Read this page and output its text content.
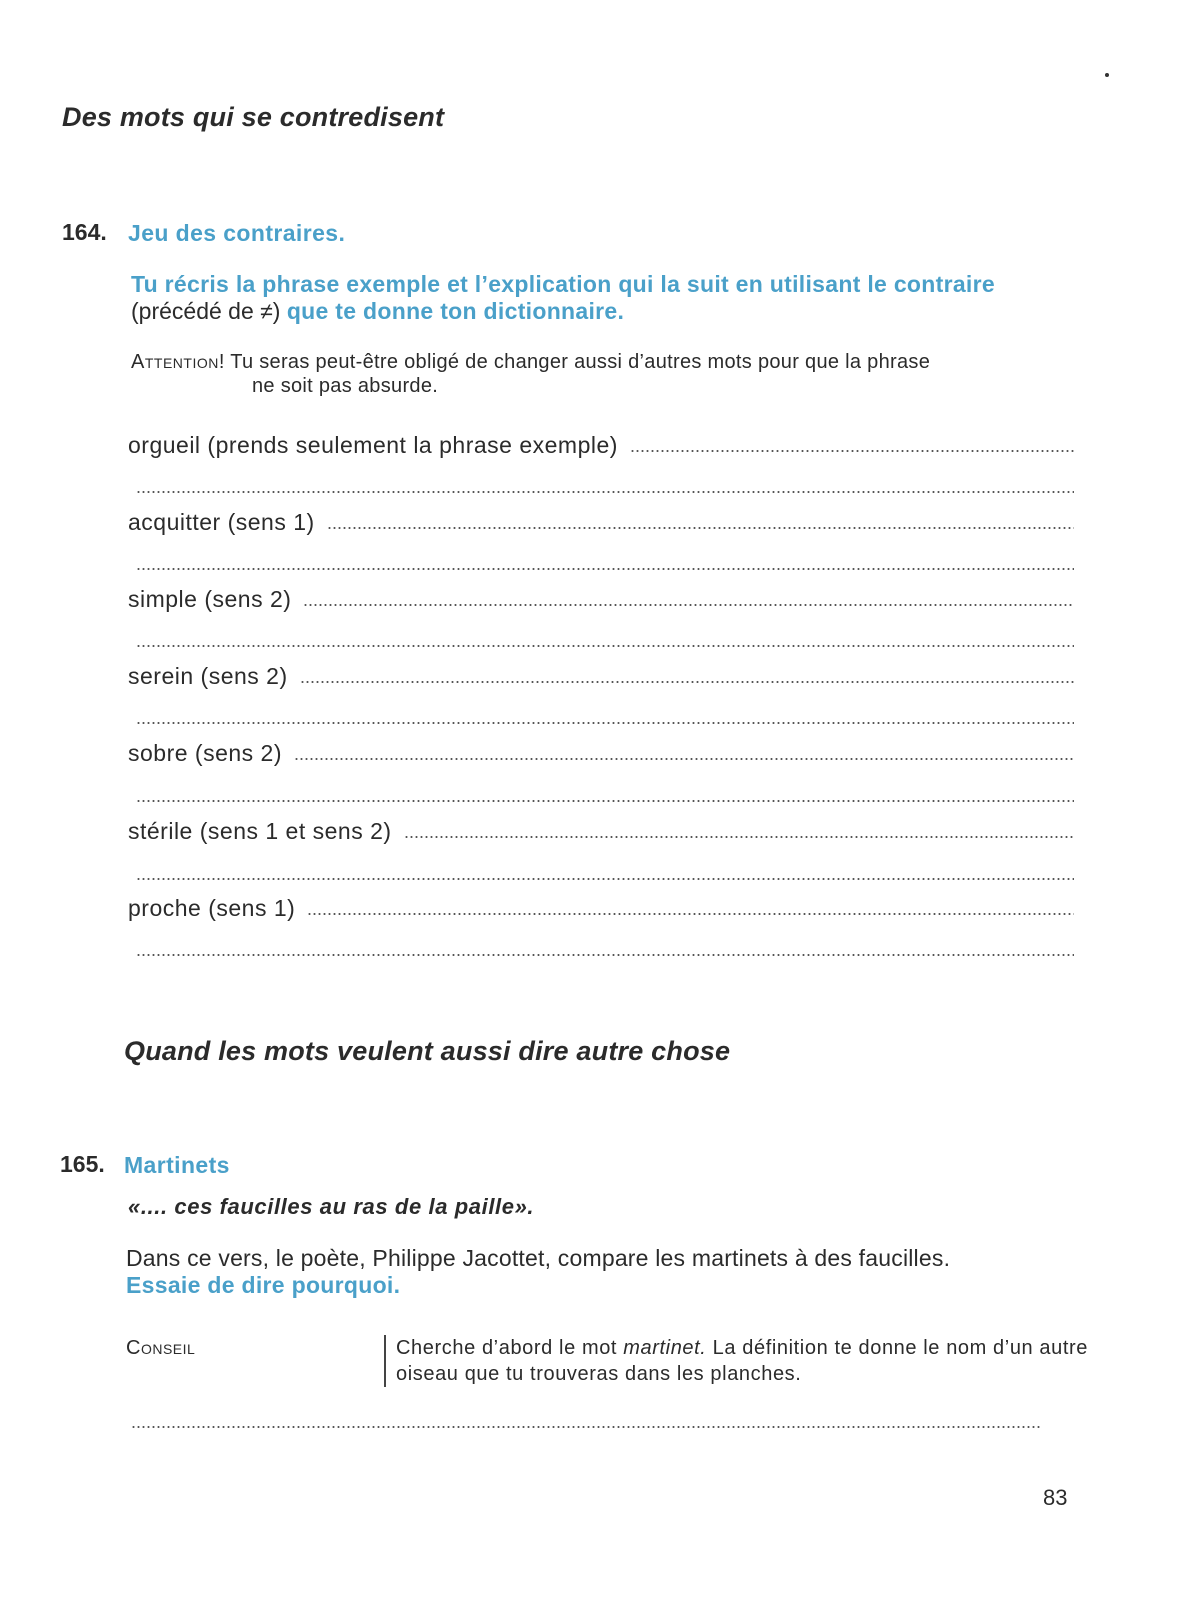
Des mots qui se contredisent
164. Jeu des contraires.
Tu récris la phrase exemple et l’explication qui la suit en utilisant le contraire (précédé de ≠) que te donne ton dictionnaire.
Attention! Tu seras peut-être obligé de changer aussi d’autres mots pour que la phrase
ne soit pas absurde.
orgueil (prends seulement la phrase exemple)
acquitter (sens 1)
simple (sens 2)
serein (sens 2)
sobre (sens 2)
stérile (sens 1 et sens 2)
proche (sens 1)
Quand les mots veulent aussi dire autre chose
165. Martinets
«.... ces faucilles au ras de la paille».
Dans ce vers, le poète, Philippe Jacottet, compare les martinets à des faucilles.
Essaie de dire pourquoi.
Conseil	Cherche d’abord le mot martinet. La définition te donne le nom d’un autre oiseau que tu trouveras dans les planches.
83
